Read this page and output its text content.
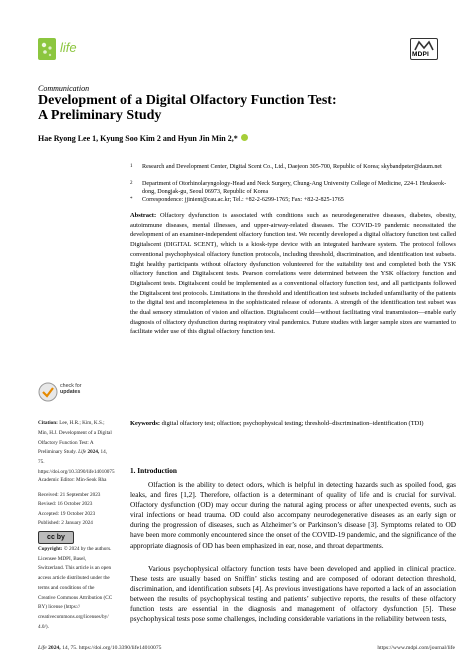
life	MDPI
Communication
Development of a Digital Olfactory Function Test:
A Preliminary Study
Hae Ryong Lee 1, Kyung Soo Kim 2 and Hyun Jin Min 2,*
1 Research and Development Center, Digital Scent Co., Ltd., Daejeon 305-700, Republic of Korea; skybandpeter@daum.net
2 Department of Otorhinolaryngology-Head and Neck Surgery, Chung-Ang University College of Medicine, 224-1 Heukseok-dong, Dongjak-gu, Seoul 06973, Republic of Korea
* Correspondence: jjinient@cau.ac.kr; Tel.: +82-2-6299-1765; Fax: +82-2-825-1765
Abstract: Olfactory dysfunction is associated with conditions such as neurodegenerative diseases, diabetes, obesity, autoimmune diseases, mental illnesses, and upper-airway-related diseases. The COVID-19 pandemic necessitated the development of an examiner-independent olfactory function test. We recently developed a digital olfactory function test called Digitalscent (DIGITAL SCENT), which is a kiosk-type device with an integrated hardware system. The protocol follows conventional psychophysical olfactory function protocols, including threshold, discrimination, and identification test subsets. Eight healthy participants without olfactory dysfunction volunteered for the suitability test and completed both the YSK olfactory function and Digitalscent tests. Pearson correlations were determined between the YSK olfactory function and Digitalscent tests. Digitalscent could be implemented as a conventional olfactory function test, and all participants followed the Digitalscent test protocols. Limitations in the threshold and identification test subsets included unfamiliarity of the patients to the digital test and incompleteness in the sophisticated release of odorants. A strength of the identification test subset was the dual sensory stimulation of vision and olfaction. Digitalscent could—without facilitating viral transmission—enable early diagnosis of olfactory dysfunction during respiratory viral pandemics. Future studies with larger sample sizes are warranted to facilitate wider use of this digital olfactory function test.
Keywords: digital olfactory test; olfaction; psychophysical testing; threshold–discrimination–identification (TDI)
check for
updates
Citation: Lee, H.R.; Kim, K.S.; Min, H.J. Development of a Digital Olfactory Function Test: A Preliminary Study. Life 2024, 14, 75. https://doi.org/10.3390/life14010075
Academic Editor: Min-Seok Rha
Received: 21 September 2023
Revised: 16 October 2023
Accepted: 19 October 2023
Published: 2 January 2024
cc by
Copyright: © 2024 by the authors. Licensee MDPI, Basel, Switzerland. This article is an open access article distributed under the terms and conditions of the Creative Commons Attribution (CC BY) license (https:// creativecommons.org/licenses/by/ 4.0/).
1. Introduction
Olfaction is the ability to detect odors, which is helpful in detecting hazards such as spoiled food, gas leaks, and fires [1,2]. Therefore, olfaction is a determinant of quality of life and is crucial for survival. Olfactory dysfunction (OD) may occur during the natural aging process or after unexpected events, such as viral infections or head trauma. OD could also accompany neurodegenerative diseases as an early sign or during the progression of diseases, such as Alzheimer’s or Parkinson’s disease [3]. Symptoms related to OD have been more commonly encountered since the onset of the COVID-19 pandemic, and the significance of the appropriate diagnosis of OD has been emphasized in ear, nose, and throat departments.
Various psychophysical olfactory function tests have been developed and applied in clinical practice. These tests are usually based on Sniffin’ sticks testing and are composed of odorant detection threshold, discrimination, and identification subsets [4]. As previous investigations have reported a lack of an association between the results of psychophysical testing and patients’ subjective reports, the results of these olfactory function tests are essential in the diagnosis and management of olfactory dysfunction [5]. These psychophysical tests pose some challenges, including considerable variations in the reliability between tests,
Life 2024, 14, 75. https://doi.org/10.3390/life14010075	https://www.mdpi.com/journal/life
